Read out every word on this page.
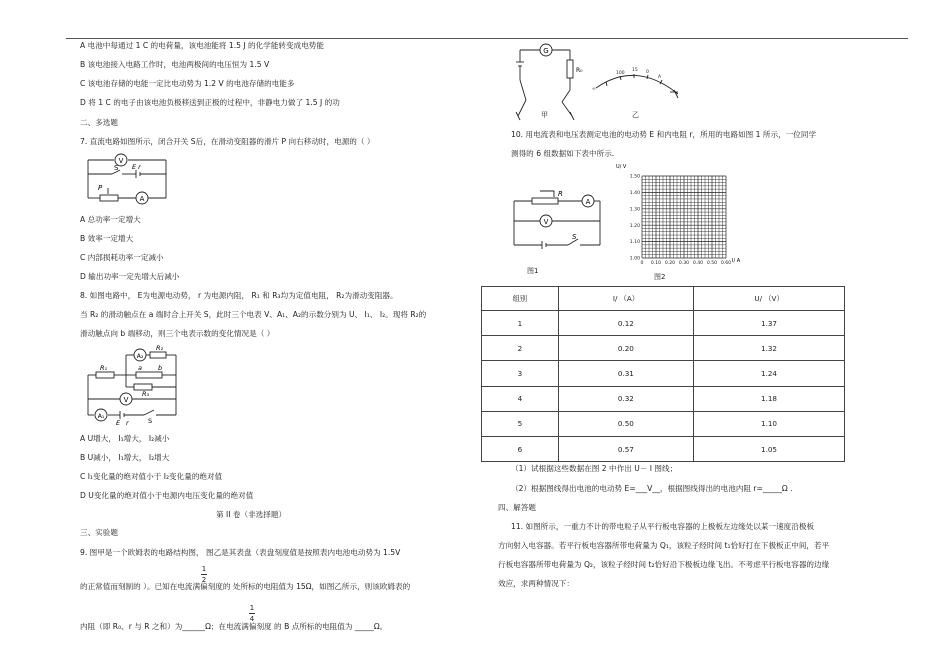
A 电池中每通过 1 C 的电荷量，该电池能将 1.5 J 的化学能转变成电势能
B 该电池接入电路工作时，电池两极间的电压恒为 1.5 V
C 该电池存储的电能一定比电动势为 1.2 V 的电池存储的电能多
D 将 1 C 的电子由该电池负极移送到正极的过程中，非静电力做了 1.5 J 的功
二、多选题
7. 直流电路如图所示，闭合开关 S后，在滑动变阻器的滑片 P 向右移动时，电源的（ ）
V
A
S E r
P
A 总功率一定增大
B 效率一定增大
C 内部损耗功率一定减小
D 输出功率一定先增大后减小
8. 如图电路中， E为电源电动势， r 为电源内阻， R₁ 和 R₃均为定值电阻， R₂为滑动变阻器。
当 R₂ 的滑动触点在 a 端时合上开关 S，此时三个电表 V、A₁、A₂的示数分别为 U、 I₁、 I₂。现将 R₂的
滑动触点向 b 端移动，则三个电表示数的变化情况是（ ）
A₂
V
A₁
R₁
R₂
R₃
a b
E r	S
A U增大， I₁增大， I₂减小
B U减小， I₁增大， I₂增大
C I₁变化量的绝对值小于 I₂变化量的绝对值
D U变化量的绝对值小于电源内电压变化量的绝对值
第 II 卷（非选择题）
三、实验题
9. 图甲是一个欧姆表的电路结构图， 图乙是其表盘（表盘刻度值是按照表内电池电动势为 1.5V
1
2
的正常值而刻制的 ）。已知在电流满偏刻度的 处所标的电阻值为 15Ω，如图乙所示，则该欧姆表的
1
4
内阻（即 R₀、r 与 R 之和）为______Ω；在电流满偏刻度 的 B 点所标的电阻值为 _____Ω。
G
R₀
甲
∞
100
15 0
A
乙
10. 用电流表和电压表测定电池的电动势 E 和内电阻 r，所用的电路如图 1 所示，一位同学
测得的 6 组数据如下表中所示.
R
A
V
S
图1
U/ V
I/ A
1.50
1.40
1.30
1.20
1.10
1.00
0 0.10 0.20 0.30 0.40 0.50 0.60
图2
组别	I/ （A）	U/ （V）
1	0.12	1.37
2	0.20	1.32
3	0.31	1.24
4	0.32	1.18
5	0.50	1.10
6	0.57	1.05
（1）试根据这些数据在图 2 中作出 U－ I 图线；
（2）根据图线得出电池的电动势 E=___V__，根据图线得出的电池内阻 r=_____Ω .
四、解答题
11. 如图所示，一重力不计的带电粒子从平行板电容器的上极板左边缘处以某一速度沿极板
方向射入电容器。若平行板电容器所带电荷量为 Q₁，该粒子经时间 t₁恰好打在下极板正中间，若平
行板电容器所带电荷量为 Q₂，该粒子经时间 t₂恰好沿下极板边缘飞出。不考虑平行板电容器的边缘
效应，求两种情况下：
